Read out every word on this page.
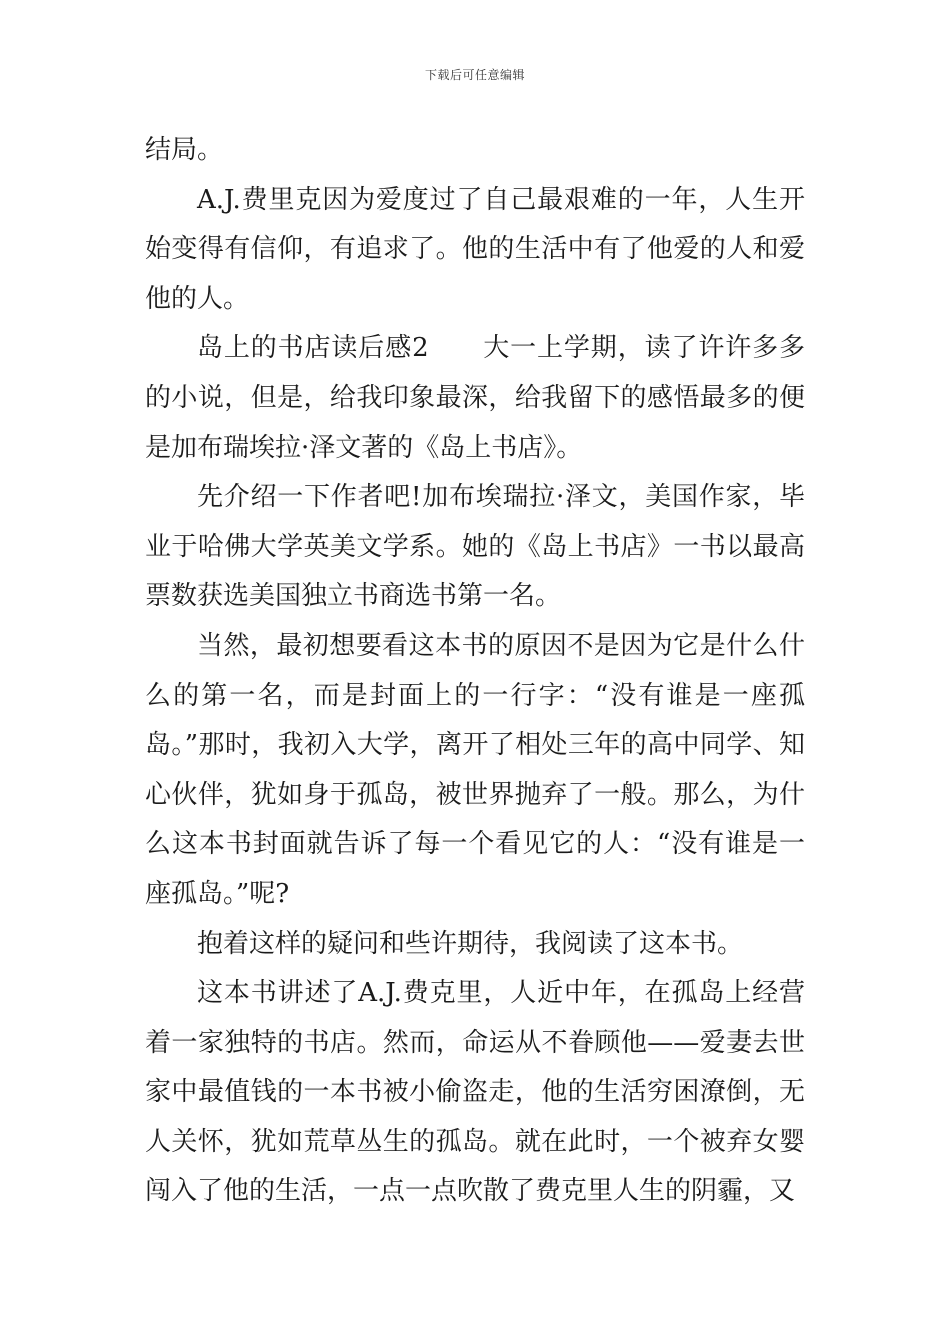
下载后可任意编辑

结局。

A.J.费里克因为爱度过了自己最艰难的一年，人生开始变得有信仰，有追求了。他的生活中有了他爱的人和爱他的人。

岛上的书店读后感2　　大一上学期，读了许许多多的小说，但是，给我印象最深，给我留下的感悟最多的便是加布瑞埃拉·泽文著的《岛上书店》。

先介绍一下作者吧!加布埃瑞拉·泽文，美国作家，毕业于哈佛大学英美文学系。她的《岛上书店》一书以最高票数获选美国独立书商选书第一名。

当然，最初想要看这本书的原因不是因为它是什么什么的第一名，而是封面上的一行字：“没有谁是一座孤岛。”那时，我初入大学，离开了相处三年的高中同学、知心伙伴，犹如身于孤岛，被世界抛弃了一般。那么，为什么这本书封面就告诉了每一个看见它的人：“没有谁是一座孤岛。”呢?

抱着这样的疑问和些许期待，我阅读了这本书。

这本书讲述了A.J.费克里，人近中年，在孤岛上经营着一家独特的书店。然而，命运从不眷顾他——爱妻去世家中最值钱的一本书被小偷盗走，他的生活穷困潦倒，无人关怀，犹如荒草丛生的孤岛。就在此时，一个被弃女婴闯入了他的生活，一点一点吹散了费克里人生的阴霾，又
